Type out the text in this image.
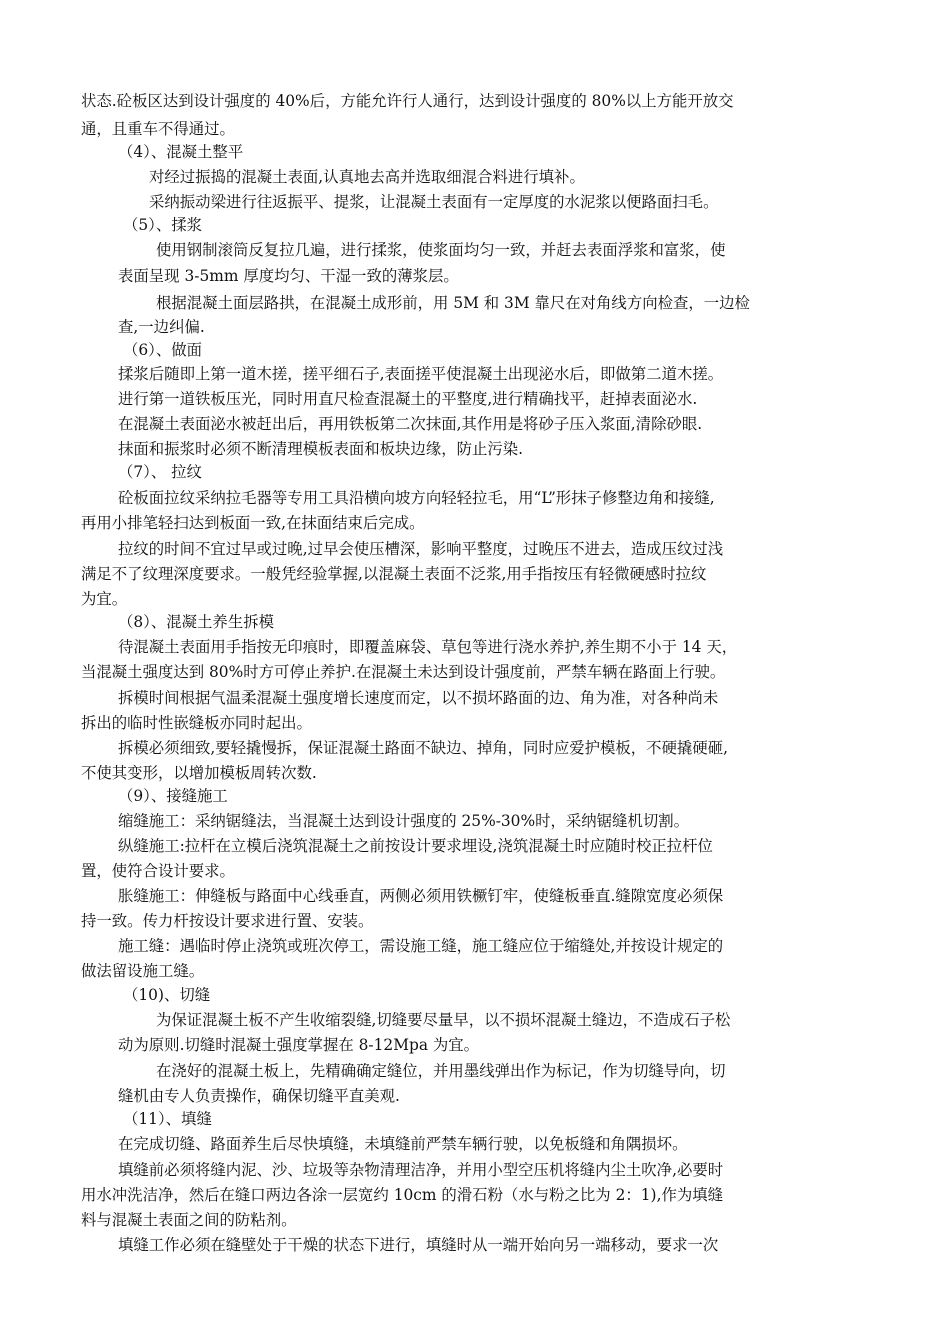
状态.砼板区达到设计强度的 40%后，方能允许行人通行，达到设计强度的 80%以上方能开放交
通，且重车不得通过。
（4）、混凝土整平
对经过振捣的混凝土表面,认真地去高并选取细混合料进行填补。
采纳振动梁进行往返振平、提浆，让混凝土表面有一定厚度的水泥浆以便路面扫毛。
（5）、揉浆
使用钢制滚筒反复拉几遍，进行揉浆，使浆面均匀一致，并赶去表面浮浆和富浆，使
表面呈现 3-5mm 厚度均匀、干湿一致的薄浆层。
根据混凝土面层路拱，在混凝土成形前，用 5M 和 3M 靠尺在对角线方向检查，一边检
查,一边纠偏.
（6）、做面
揉浆后随即上第一道木搓，搓平细石子,表面搓平使混凝土出现泌水后，即做第二道木搓。
进行第一道铁板压光，同时用直尺检查混凝土的平整度,进行精确找平，赶掉表面泌水.
在混凝土表面泌水被赶出后，再用铁板第二次抹面,其作用是将砂子压入浆面,清除砂眼.
抹面和振浆时必须不断清理模板表面和板块边缘，防止污染.
（7）、 拉纹
砼板面拉纹采纳拉毛器等专用工具沿横向坡方向轻轻拉毛，用“L”形抹子修整边角和接缝,
再用小排笔轻扫达到板面一致,在抹面结束后完成。
拉纹的时间不宜过早或过晚,过早会使压槽深，影响平整度，过晚压不进去，造成压纹过浅
满足不了纹理深度要求。一般凭经验掌握,以混凝土表面不泛浆,用手指按压有轻微硬感时拉纹
为宜。
（8）、混凝土养生拆模
待混凝土表面用手指按无印痕时，即覆盖麻袋、草包等进行浇水养护,养生期不小于 14 天，
当混凝土强度达到 80%时方可停止养护.在混凝土未达到设计强度前，严禁车辆在路面上行驶。
拆模时间根据气温柔混凝土强度增长速度而定，以不损坏路面的边、角为准，对各种尚未
拆出的临时性嵌缝板亦同时起出。
拆模必须细致,要轻撬慢拆，保证混凝土路面不缺边、掉角，同时应爱护模板，不硬撬硬砸,
不使其变形，以增加模板周转次数.
（9）、接缝施工
缩缝施工：采纳锯缝法，当混凝土达到设计强度的 25%-30%时，采纳锯缝机切割。
纵缝施工:拉杆在立模后浇筑混凝土之前按设计要求埋设,浇筑混凝土时应随时校正拉杆位
置，使符合设计要求。
胀缝施工：伸缝板与路面中心线垂直，两侧必须用铁橛钉牢，使缝板垂直.缝隙宽度必须保
持一致。传力杆按设计要求进行置、安装。
施工缝：遇临时停止浇筑或班次停工，需设施工缝，施工缝应位于缩缝处,并按设计规定的
做法留设施工缝。
（10)、切缝
为保证混凝土板不产生收缩裂缝,切缝要尽量早，以不损坏混凝土缝边，不造成石子松
动为原则.切缝时混凝土强度掌握在 8-12Mpa 为宜。
在浇好的混凝土板上，先精确确定缝位，并用墨线弹出作为标记，作为切缝导向，切
缝机由专人负责操作，确保切缝平直美观.
（11）、填缝
在完成切缝、路面养生后尽快填缝，未填缝前严禁车辆行驶，以免板缝和角隅损坏。
填缝前必须将缝内泥、沙、垃圾等杂物清理洁净，并用小型空压机将缝内尘土吹净,必要时
用水冲洗洁净，然后在缝口两边各涂一层宽约 10cm 的滑石粉（水与粉之比为 2：1),作为填缝
料与混凝土表面之间的防粘剂。
填缝工作必须在缝壁处于干燥的状态下进行，填缝时从一端开始向另一端移动，要求一次
